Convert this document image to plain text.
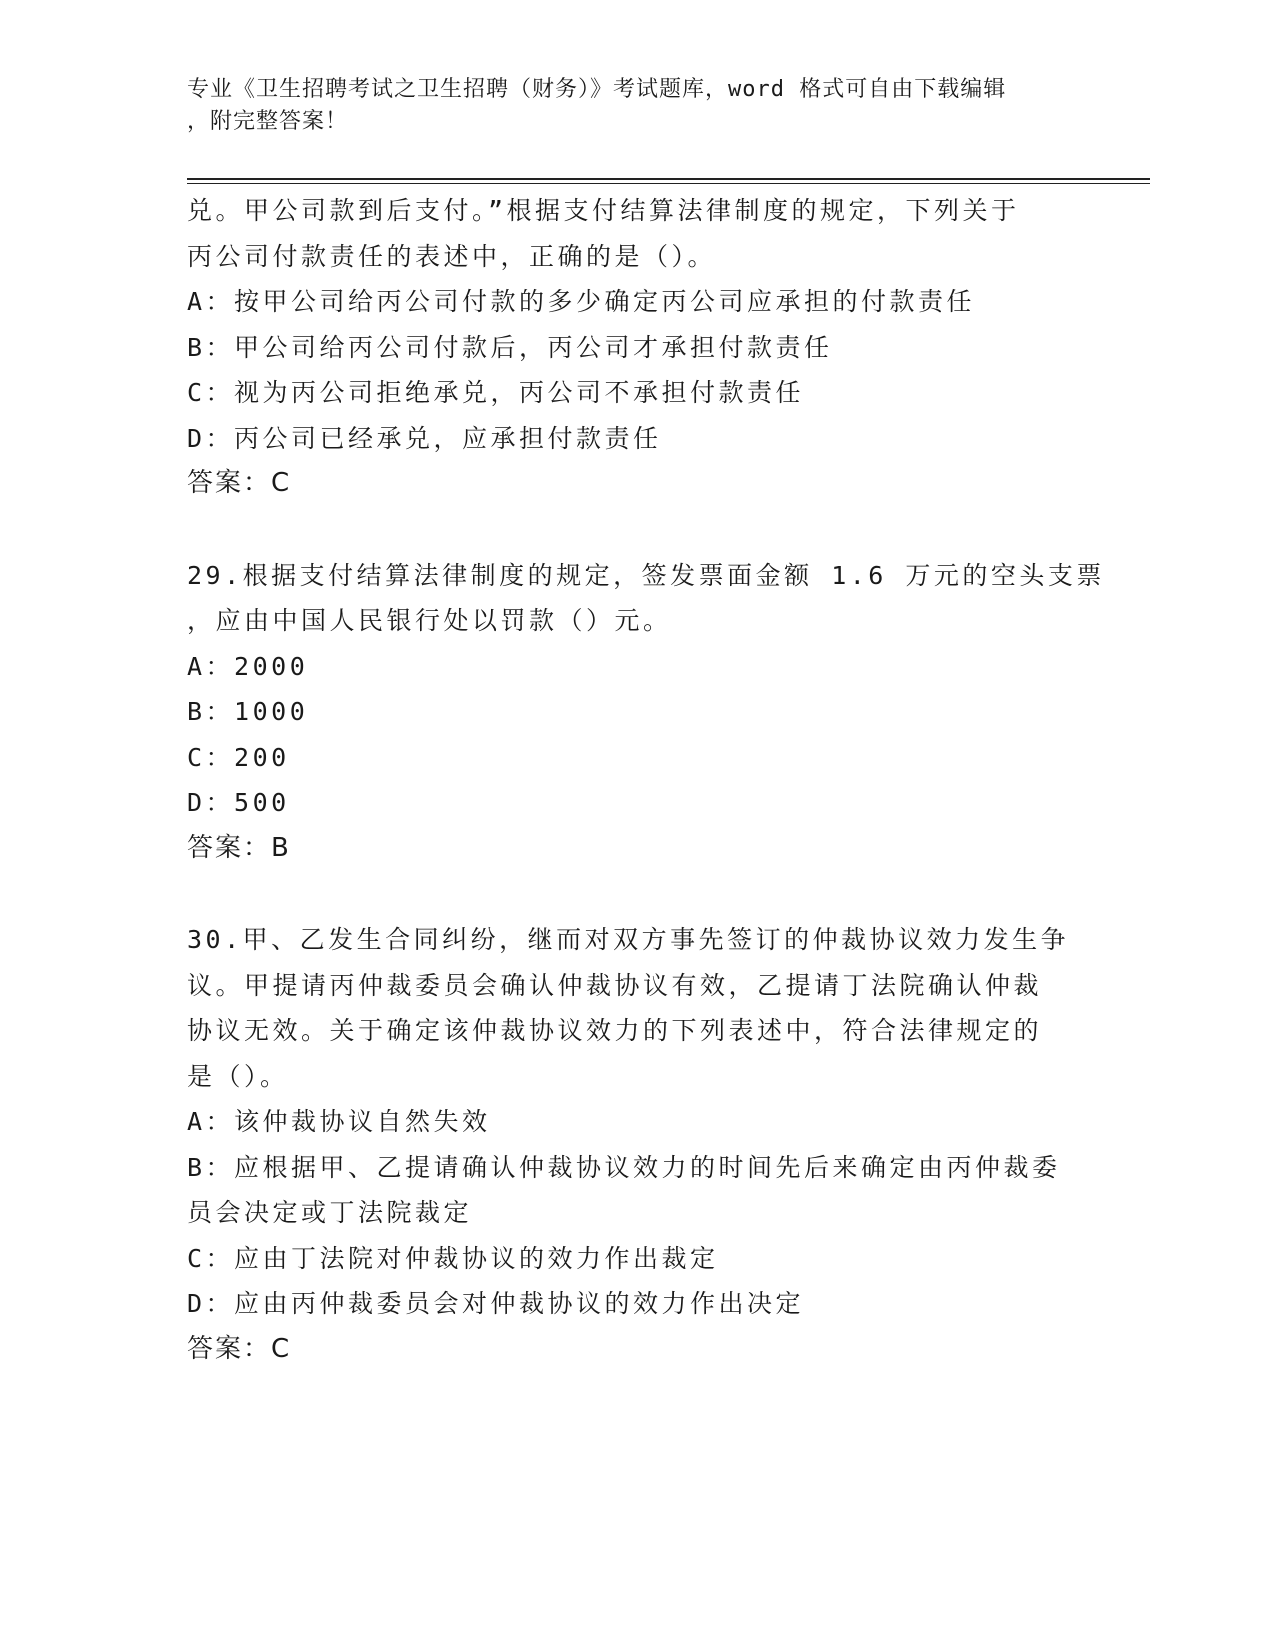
专业《卫生招聘考试之卫生招聘（财务）》考试题库，word 格式可自由下载编辑
，附完整答案！
兑。甲公司款到后支付。”根据支付结算法律制度的规定，下列关于
丙公司付款责任的表述中，正确的是（）。
A：按甲公司给丙公司付款的多少确定丙公司应承担的付款责任
B：甲公司给丙公司付款后，丙公司才承担付款责任
C：视为丙公司拒绝承兑，丙公司不承担付款责任
D：丙公司已经承兑，应承担付款责任
答案：C
29.根据支付结算法律制度的规定，签发票面金额 1.6 万元的空头支票
，应由中国人民银行处以罚款（）元。
A：2000
B：1000
C：200
D：500
答案：B
30.甲、乙发生合同纠纷，继而对双方事先签订的仲裁协议效力发生争
议。甲提请丙仲裁委员会确认仲裁协议有效，乙提请丁法院确认仲裁
协议无效。关于确定该仲裁协议效力的下列表述中，符合法律规定的
是（）。
A：该仲裁协议自然失效
B：应根据甲、乙提请确认仲裁协议效力的时间先后来确定由丙仲裁委
员会决定或丁法院裁定
C：应由丁法院对仲裁协议的效力作出裁定
D：应由丙仲裁委员会对仲裁协议的效力作出决定
答案：C
